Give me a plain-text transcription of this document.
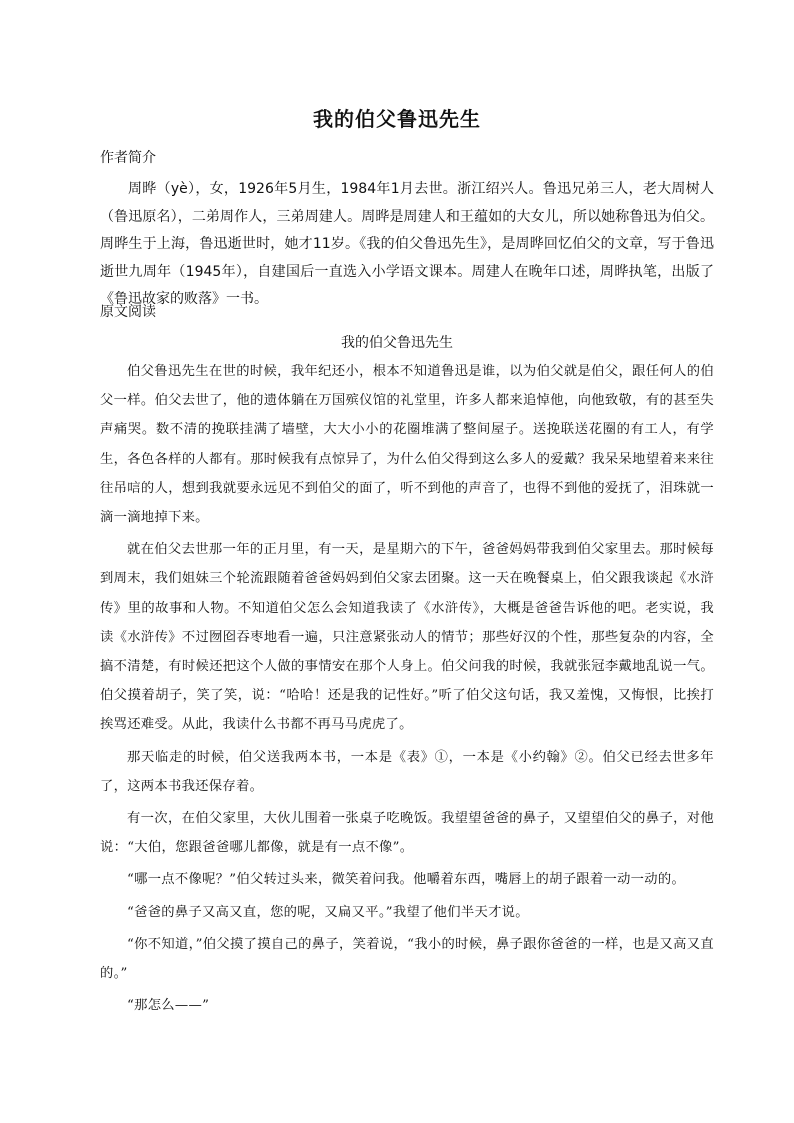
我的伯父鲁迅先生
作者简介

周晔（yè），女，1926年5月生，1984年1月去世。浙江绍兴人。鲁迅兄弟三人，老大周树人（鲁迅原名），二弟周作人，三弟周建人。周晔是周建人和王蕴如的大女儿，所以她称鲁迅为伯父。周晔生于上海，鲁迅逝世时，她才11岁。《我的伯父鲁迅先生》，是周晔回忆伯父的文章，写于鲁迅逝世九周年（1945年），自建国后一直选入小学语文课本。周建人在晚年口述，周晔执笔，出版了《鲁迅故家的败落》一书。

原文阅读
我的伯父鲁迅先生

伯父鲁迅先生在世的时候，我年纪还小，根本不知道鲁迅是谁，以为伯父就是伯父，跟任何人的伯父一样。伯父去世了，他的遗体躺在万国殡仪馆的礼堂里，许多人都来追悼他，向他致敬，有的甚至失声痛哭。数不清的挽联挂满了墙壁，大大小小的花圈堆满了整间屋子。送挽联送花圈的有工人，有学生，各色各样的人都有。那时候我有点惊异了，为什么伯父得到这么多人的爱戴？我呆呆地望着来来往往吊唁的人，想到我就要永远见不到伯父的面了，听不到他的声音了，也得不到他的爱抚了，泪珠就一滴一滴地掉下来。

就在伯父去世那一年的正月里，有一天，是星期六的下午，爸爸妈妈带我到伯父家里去。那时候每到周末，我们姐妹三个轮流跟随着爸爸妈妈到伯父家去团聚。这一天在晚餐桌上，伯父跟我谈起《水浒传》里的故事和人物。不知道伯父怎么会知道我读了《水浒传》，大概是爸爸告诉他的吧。老实说，我读《水浒传》不过囫囵吞枣地看一遍，只注意紧张动人的情节；那些好汉的个性，那些复杂的内容，全搞不清楚，有时候还把这个人做的事情安在那个人身上。伯父问我的时候，我就张冠李戴地乱说一气。伯父摸着胡子，笑了笑，说：“哈哈！还是我的记性好。”听了伯父这句话，我又羞愧，又悔恨，比挨打挨骂还难受。从此，我读什么书都不再马马虎虎了。

那天临走的时候，伯父送我两本书，一本是《表》①，一本是《小约翰》②。伯父已经去世多年了，这两本书我还保存着。

有一次，在伯父家里，大伙儿围着一张桌子吃晚饭。我望望爸爸的鼻子，又望望伯父的鼻子，对他说：“大伯，您跟爸爸哪儿都像，就是有一点不像”。

“哪一点不像呢？”伯父转过头来，微笑着问我。他嚼着东西，嘴唇上的胡子跟着一动一动的。

“爸爸的鼻子又高又直，您的呢，又扁又平。”我望了他们半天才说。

“你不知道，”伯父摸了摸自己的鼻子，笑着说，“我小的时候，鼻子跟你爸爸的一样，也是又高又直的。”

“那怎么——”
